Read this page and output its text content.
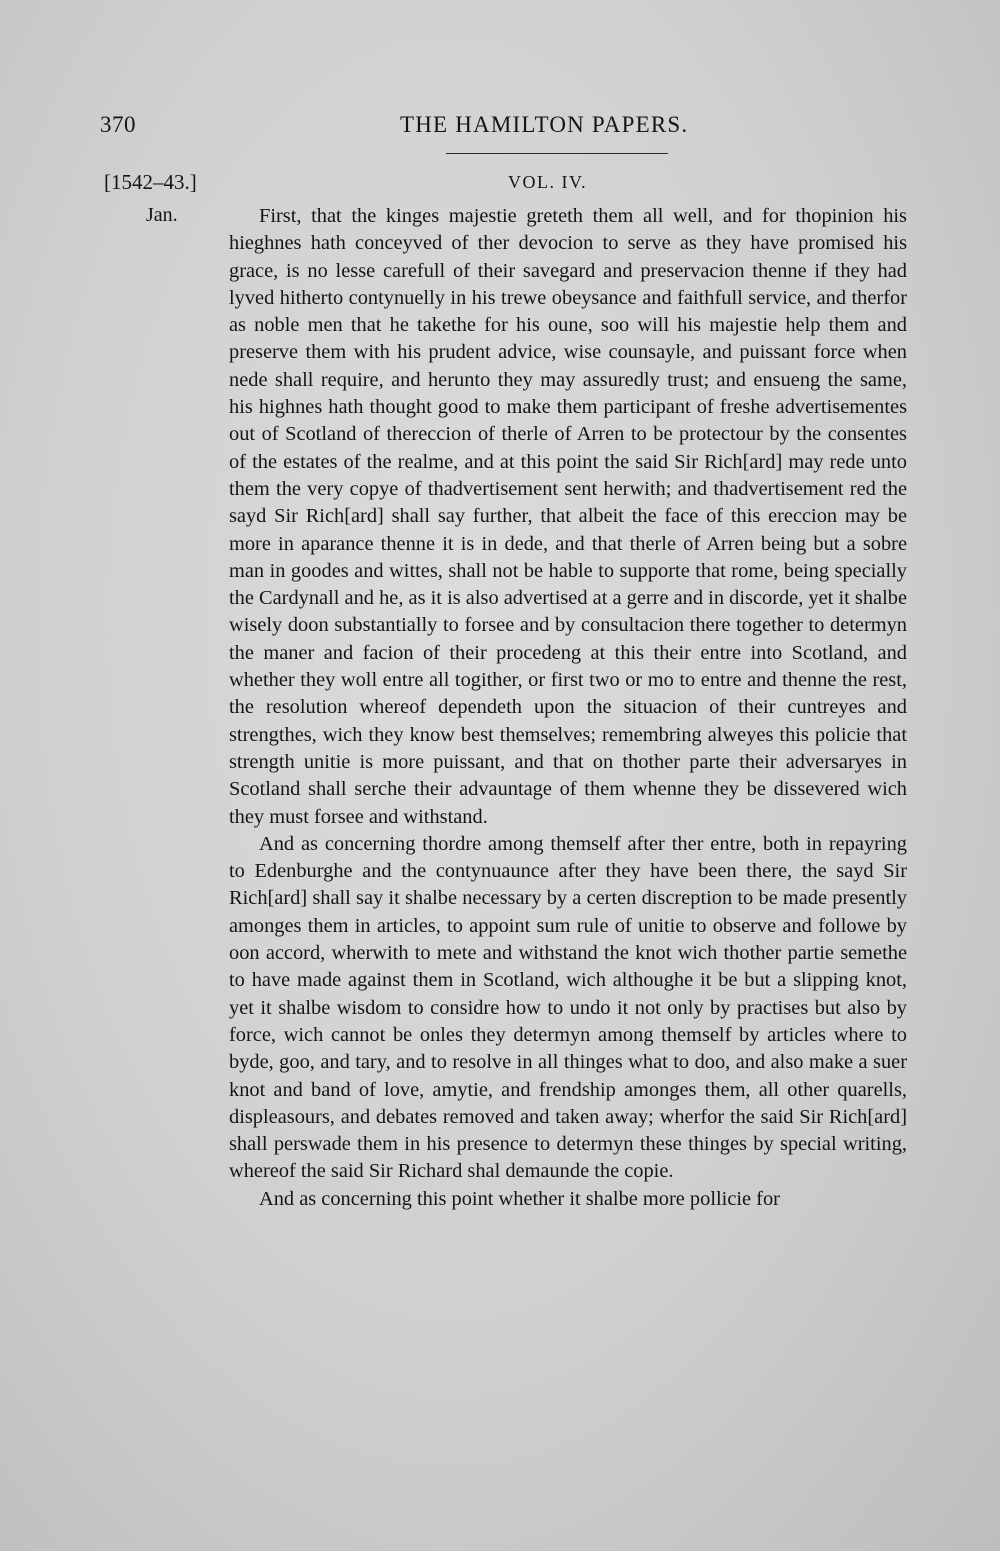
370	THE HAMILTON PAPERS.
[1542–43.]	VOL. IV.
Jan.	First, that the kinges majestie greteth them all well, and for thopinion his hieghnes hath conceyved of ther devocion to serve as they have promised his grace, is no lesse carefull of their savegard and preservacion thenne if they had lyved hitherto contynuelly in his trewe obeysance and faithfull service, and therfor as noble men that he takethe for his oune, soo will his majestie help them and preserve them with his prudent advice, wise counsayle, and puissant force when nede shall require, and herunto they may assuredly trust; and ensueng the same, his highnes hath thought good to make them participant of freshe advertisementes out of Scotland of thereccion of therle of Arren to be protectour by the consentes of the estates of the realme, and at this point the said Sir Rich[ard] may rede unto them the very copye of thadvertisement sent herwith; and thadvertisement red the sayd Sir Rich[ard] shall say further, that albeit the face of this ereccion may be more in aparance thenne it is in dede, and that therle of Arren being but a sobre man in goodes and wittes, shall not be hable to supporte that rome, being specially the Cardynall and he, as it is also advertised at a gerre and in discorde, yet it shalbe wisely doon substantially to forsee and by consultacion there together to determyn the maner and facion of their procedeng at this their entre into Scotland, and whether they woll entre all togither, or first two or mo to entre and thenne the rest, the resolution whereof dependeth upon the situacion of their cuntreyes and strengthes, wich they know best themselves; remembring alweyes this policie that strength unitie is more puissant, and that on thother parte their adversaryes in Scotland shall serche their advauntage of them whenne they be dissevered wich they must forsee and withstand.

And as concerning thordre among themself after ther entre, both in repayring to Edenburghe and the contynuaunce after they have been there, the sayd Sir Rich[ard] shall say it shalbe necessary by a certen discreption to be made presently amonges them in articles, to appoint sum rule of unitie to observe and followe by oon accord, wherwith to mete and withstand the knot wich thother partie semethe to have made against them in Scotland, wich althoughe it be but a slipping knot, yet it shalbe wisdom to considre how to undo it not only by practises but also by force, wich cannot be onles they determyn among themself by articles where to byde, goo, and tary, and to resolve in all thinges what to doo, and also make a suer knot and band of love, amytie, and frendship amonges them, all other quarells, displeasours, and debates removed and taken away; wherfor the said Sir Rich[ard] shall perswade them in his presence to determyn these thinges by special writing, whereof the said Sir Richard shal demaunde the copie.

And as concerning this point whether it shalbe more pollicie for
